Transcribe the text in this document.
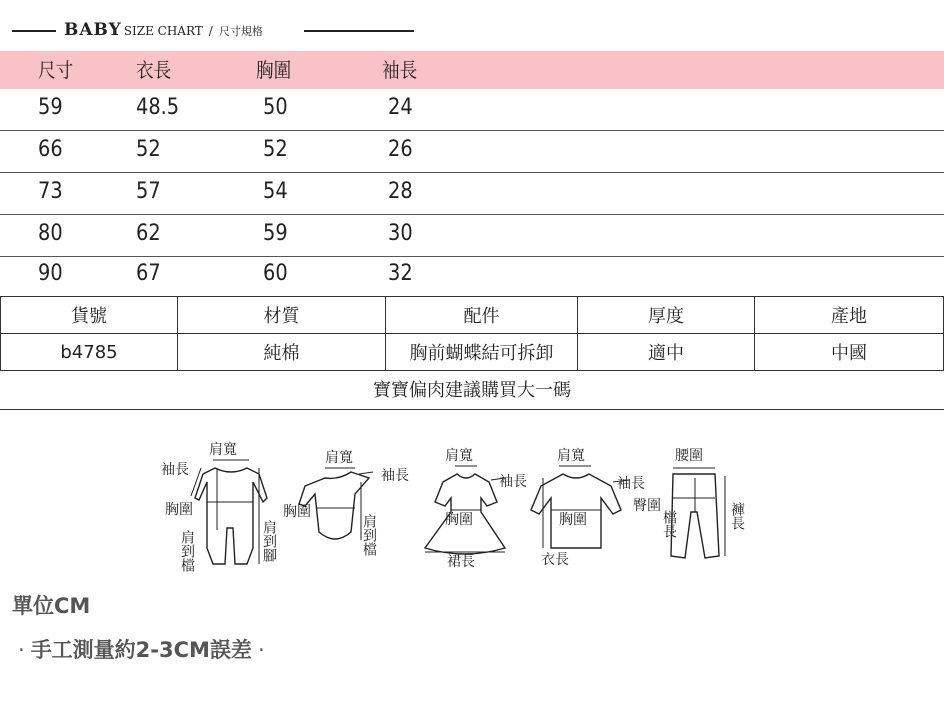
BABY SIZE CHART / 尺寸規格
尺寸	衣長	胸圍	袖長
59	48.5	50	24
66	52	52	26
73	57	54	28
80	62	59	30
90	67	60	32
貨號	材質	配件	厚度	產地
b4785	純棉	胸前蝴蝶結可拆卸	適中	中國
寶寶偏肉建議購買大一碼
肩寬
袖長
胸圍
肩到檔	肩到腳
肩寬
袖長
胸圍
肩到檔
肩寬
袖長
胸圍
裙長
肩寬
袖長
胸圍
衣長
腰圍
臀圍
檔長	褲長
單位CM
· 手工測量約2-3CM誤差 ·
